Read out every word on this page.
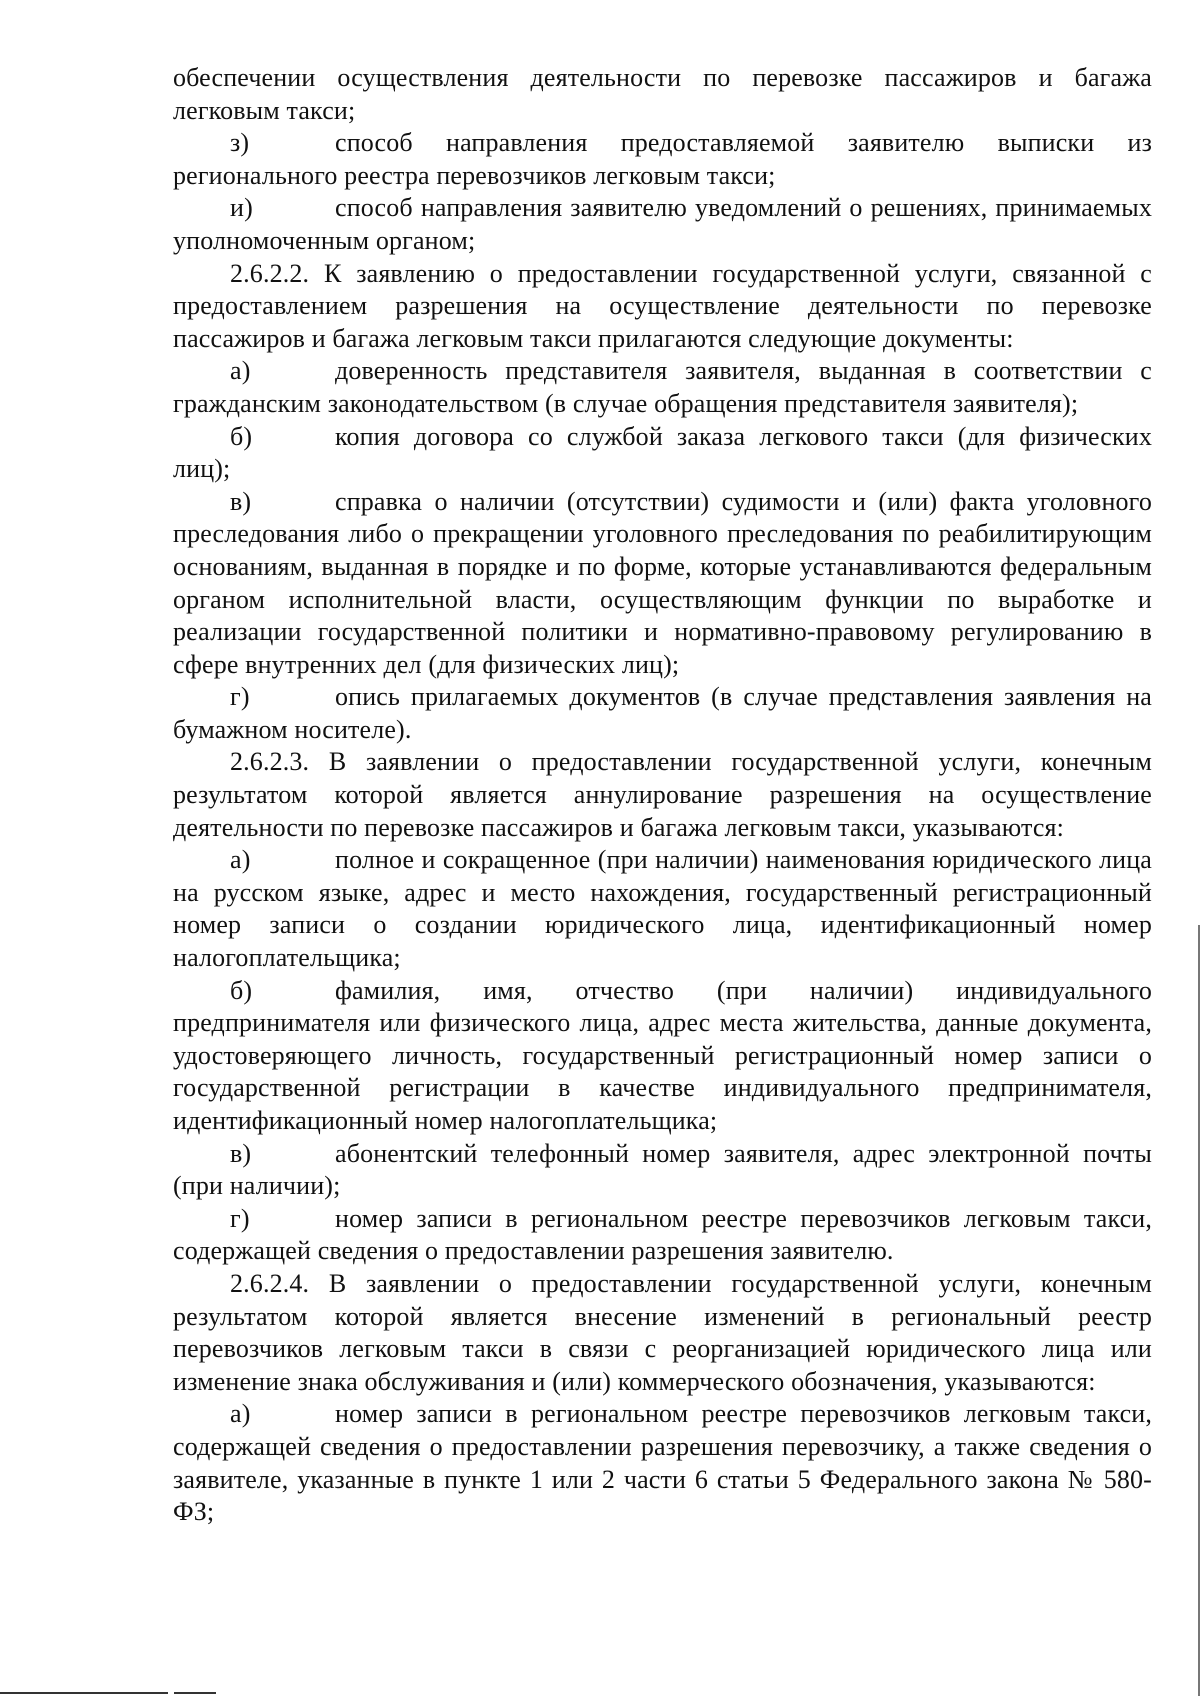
обеспечении осуществления деятельности по перевозке пассажиров и багажа легковым такси;

з)	способ направления предоставляемой заявителю выписки из регионального реестра перевозчиков легковым такси;

и)	способ направления заявителю уведомлений о решениях, принимаемых уполномоченным органом;

2.6.2.2. К заявлению о предоставлении государственной услуги, связанной с предоставлением разрешения на осуществление деятельности по перевозке пассажиров и багажа легковым такси прилагаются следующие документы:

а)	доверенность представителя заявителя, выданная в соответствии с гражданским законодательством (в случае обращения представителя заявителя);

б)	копия договора со службой заказа легкового такси (для физических лиц);

в)	справка о наличии (отсутствии) судимости и (или) факта уголовного преследования либо о прекращении уголовного преследования по реабилитирующим основаниям, выданная в порядке и по форме, которые устанавливаются федеральным органом исполнительной власти, осуществляющим функции по выработке и реализации государственной политики и нормативно-правовому регулированию в сфере внутренних дел (для физических лиц);

г)	опись прилагаемых документов (в случае представления заявления на бумажном носителе).

2.6.2.3. В заявлении о предоставлении государственной услуги, конечным результатом которой является аннулирование разрешения на осуществление деятельности по перевозке пассажиров и багажа легковым такси, указываются:

а)	полное и сокращенное (при наличии) наименования юридического лица на русском языке, адрес и место нахождения, государственный регистрационный номер записи о создании юридического лица, идентификационный номер налогоплательщика;

б)	фамилия, имя, отчество (при наличии) индивидуального предпринимателя или физического лица, адрес места жительства, данные документа, удостоверяющего личность, государственный регистрационный номер записи о государственной регистрации в качестве индивидуального предпринимателя, идентификационный номер налогоплательщика;

в)	абонентский телефонный номер заявителя, адрес электронной почты (при наличии);

г)	номер записи в региональном реестре перевозчиков легковым такси, содержащей сведения о предоставлении разрешения заявителю.

2.6.2.4. В заявлении о предоставлении государственной услуги, конечным результатом которой является внесение изменений в региональный реестр перевозчиков легковым такси в связи с реорганизацией юридического лица или изменение знака обслуживания и (или) коммерческого обозначения, указываются:

а)	номер записи в региональном реестре перевозчиков легковым такси, содержащей сведения о предоставлении разрешения перевозчику, а также сведения о заявителе, указанные в пункте 1 или 2 части 6 статьи 5 Федерального закона № 580-ФЗ;
